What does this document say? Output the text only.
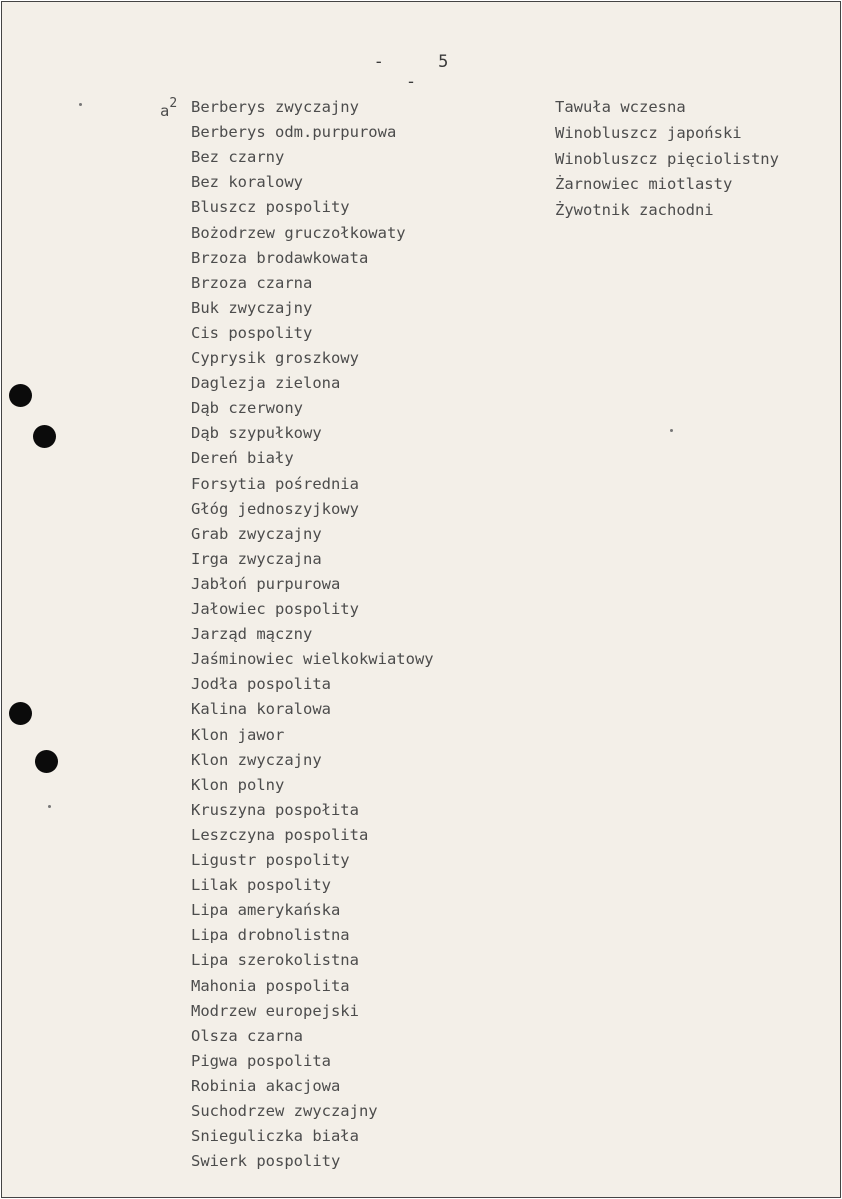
- 5 -
$a^2$ Berberys zwyczajny
Berberys odm.purpurowa
Bez czarny
Bez koralowy
Bluszcz pospolity
Bożodrzew gruczołkowaty
Brzoza brodawkowata
Brzoza czarna
Buk zwyczajny
Cis pospolity
Cyprysik groszkowy
Daglezja zielona
Dąb czerwony
Dąb szypułkowy
Dereń biały
Forsytia pośrednia
Głóg jednoszyjkowy
Grab zwyczajny
Irga zwyczajna
Jabłoń purpurowa
Jałowiec pospolity
Jarząd mączny
Jaśminowiec wielkokwiatowy
Jodła pospolita
Kalina koralowa
Klon jawor
Klon zwyczajny
Klon polny
Kruszyna pospołita
Leszczyna pospolita
Ligustr pospolity
Lilak pospolity
Lipa amerykańska
Lipa drobnolistna
Lipa szerokolistna
Mahonia pospolita
Modrzew europejski
Olsza czarna
Pigwa pospolita
Robinia akacjowa
Suchodrzew zwyczajny
Snieguliczka biała
Swierk pospolity
Tawuła wczesna
Winobluszcz japoński
Winobluszcz pięciolistny
Żarnowiec miotlasty
Żywotnik zachodni
